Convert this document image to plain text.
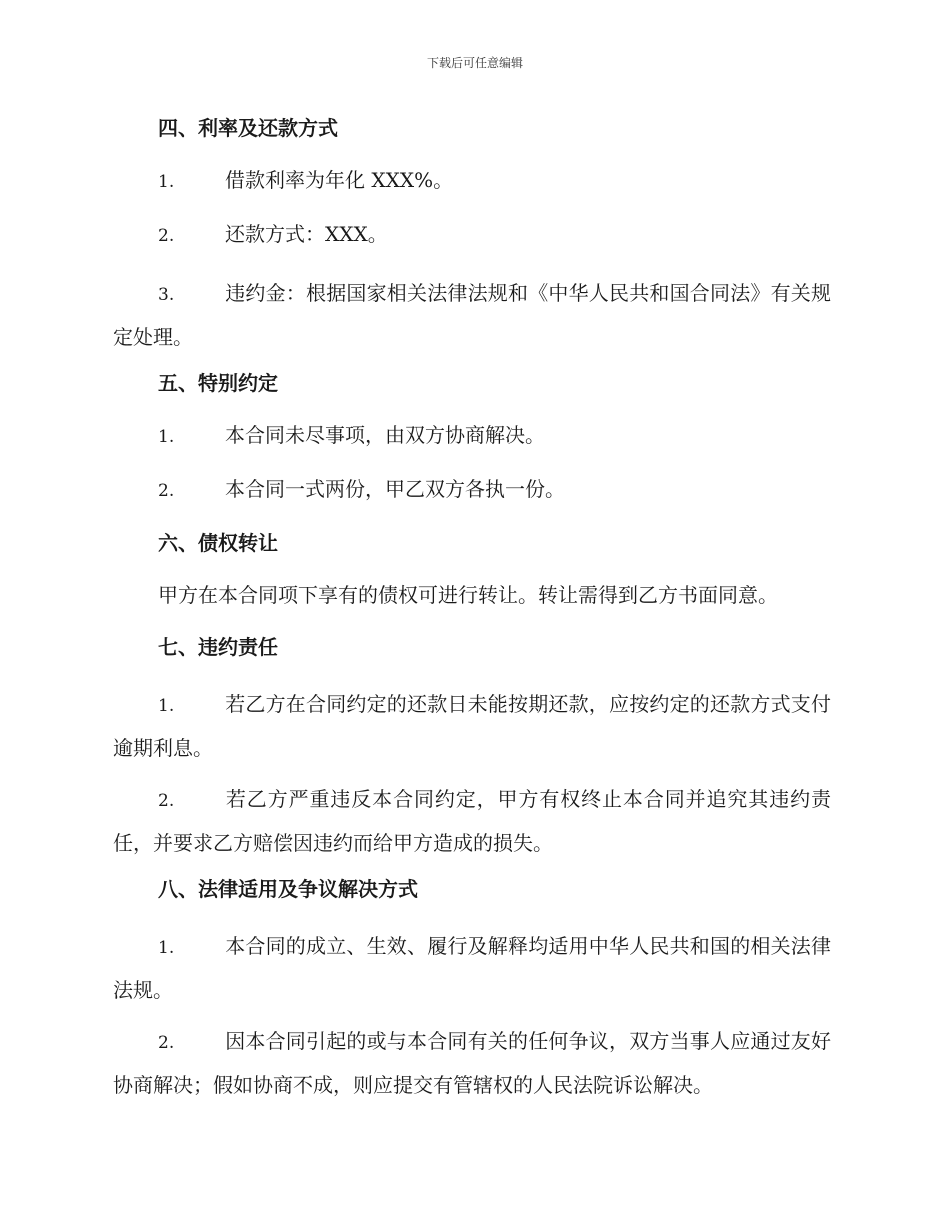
下载后可任意编辑
四、利率及还款方式
1.	借款利率为年化 XXX%。
2.	还款方式：XXX。
3.	违约金：根据国家相关法律法规和《中华人民共和国合同法》有关规定处理。
五、特别约定
1.	本合同未尽事项，由双方协商解决。
2.	本合同一式两份，甲乙双方各执一份。
六、债权转让
甲方在本合同项下享有的债权可进行转让。转让需得到乙方书面同意。
七、违约责任
1.	若乙方在合同约定的还款日未能按期还款，应按约定的还款方式支付逾期利息。
2.	若乙方严重违反本合同约定，甲方有权终止本合同并追究其违约责任，并要求乙方赔偿因违约而给甲方造成的损失。
八、法律适用及争议解决方式
1.	本合同的成立、生效、履行及解释均适用中华人民共和国的相关法律法规。
2.	因本合同引起的或与本合同有关的任何争议，双方当事人应通过友好协商解决；假如协商不成，则应提交有管辖权的人民法院诉讼解决。
